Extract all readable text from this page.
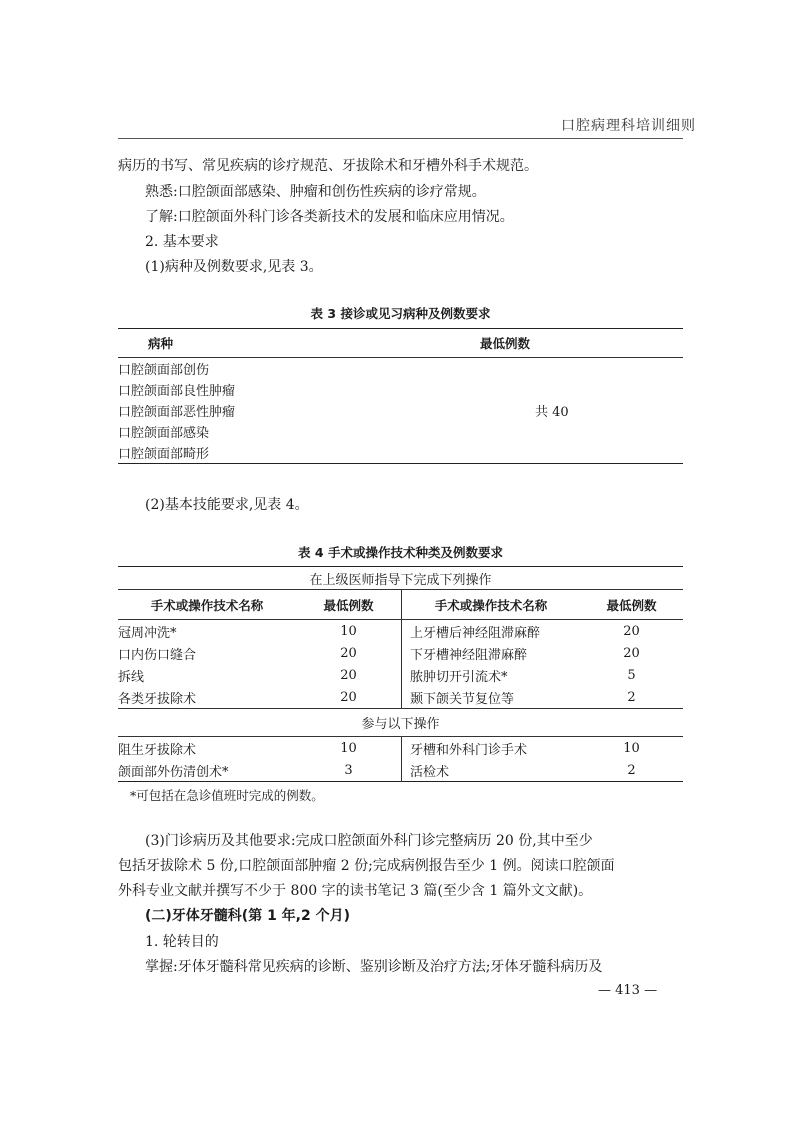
口腔病理科培训细则
病历的书写、常见疾病的诊疗规范、牙拔除术和牙槽外科手术规范。
熟悉:口腔颌面部感染、肿瘤和创伤性疾病的诊疗常规。
了解:口腔颌面外科门诊各类新技术的发展和临床应用情况。
2. 基本要求
(1)病种及例数要求,见表 3。
表 3 接诊或见习病种及例数要求
病种	最低例数
口腔颌面部创伤	
口腔颌面部良性肿瘤	
口腔颌面部恶性肿瘤	共 40
口腔颌面部感染	
口腔颌面部畸形	
(2)基本技能要求,见表 4。
表 4 手术或操作技术种类及例数要求
在上级医师指导下完成下列操作			
手术或操作技术名称	最低例数	手术或操作技术名称	最低例数
冠周冲洗*	10	上牙槽后神经阻滞麻醉	20
口内伤口缝合	20	下牙槽神经阻滞麻醉	20
拆线	20	脓肿切开引流术*	5
各类牙拔除术	20	颞下颌关节复位等	2
参与以下操作			
阻生牙拔除术	10	牙槽和外科门诊手术	10
颌面部外伤清创术*	3	活检术	2
*可包括在急诊值班时完成的例数。
(3)门诊病历及其他要求:完成口腔颌面外科门诊完整病历 20 份,其中至少
包括牙拔除术 5 份,口腔颌面部肿瘤 2 份;完成病例报告至少 1 例。阅读口腔颌面
外科专业文献并撰写不少于 800 字的读书笔记 3 篇(至少含 1 篇外文文献)。
(二)牙体牙髓科(第 1 年,2 个月)
1. 轮转目的
掌握:牙体牙髓科常见疾病的诊断、鉴别诊断及治疗方法;牙体牙髓科病历及
— 413 —
